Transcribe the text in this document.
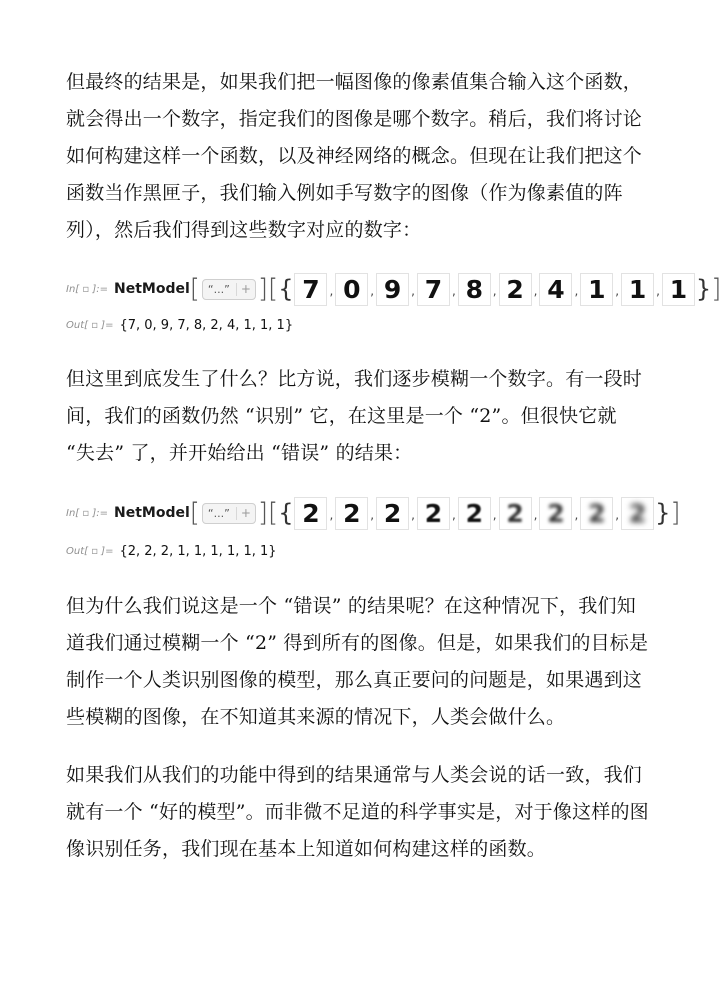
但最终的结果是，如果我们把一幅图像的像素值集合输入这个函数，就会得出一个数字，指定我们的图像是哪个数字。稍后，我们将讨论如何构建这样一个函数，以及神经网络的概念。但现在让我们把这个函数当作黑匣子，我们输入例如手写数字的图像（作为像素值的阵列），然后我们得到这些数字对应的数字：

In[ ▫ ]:= NetModel [ “...” + ] [ { 7 , 0 , 9 , 7 , 8 , 2 , 4 , 1 , 1 , 1 } ]
Out[ ▫ ]= {7, 0, 9, 7, 8, 2, 4, 1, 1, 1}

但这里到底发生了什么？比方说，我们逐步模糊一个数字。有一段时间，我们的函数仍然 “识别” 它，在这里是一个 “2”。但很快它就 “失去” 了，并开始给出 “错误” 的结果：

In[ ▫ ]:= NetModel [ “...” + ] [ { 2 , 2 , 2 , 2 , 2 , 2 , 2 , 2 , 2 } ]
Out[ ▫ ]= {2, 2, 2, 1, 1, 1, 1, 1, 1}

但为什么我们说这是一个 “错误” 的结果呢？在这种情况下，我们知道我们通过模糊一个 “2” 得到所有的图像。但是，如果我们的目标是制作一个人类识别图像的模型，那么真正要问的问题是，如果遇到这些模糊的图像，在不知道其来源的情况下，人类会做什么。

如果我们从我们的功能中得到的结果通常与人类会说的话一致，我们就有一个 “好的模型”。而非微不足道的科学事实是，对于像这样的图像识别任务，我们现在基本上知道如何构建这样的函数。
